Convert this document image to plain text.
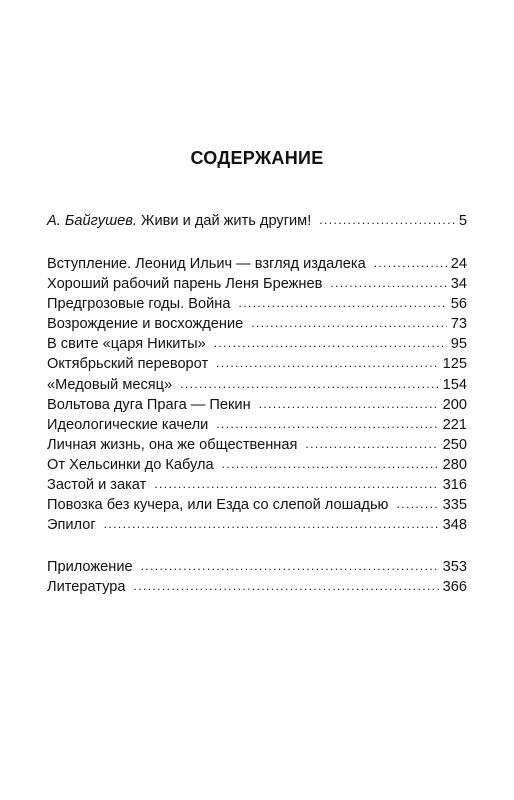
СОДЕРЖАНИЕ
А. Байгушев. Живи и дай жить другим! .....	5
Вступление. Леонид Ильич — взгляд издалека .....	24
Хороший рабочий парень Леня Брежнев .....	34
Предгрозовые годы. Война .....	56
Возрождение и восхождение .....	73
В свите «царя Никиты» .....	95
Октябрьский переворот .....	125
«Медовый месяц» .....	154
Вольтова дуга Прага — Пекин .....	200
Идеологические качели .....	221
Личная жизнь, она же общественная .....	250
От Хельсинки до Кабула .....	280
Застой и закат .....	316
Повозка без кучера, или Езда со слепой лошадью .....	335
Эпилог .....	348
Приложение .....	353
Литература .....	366
